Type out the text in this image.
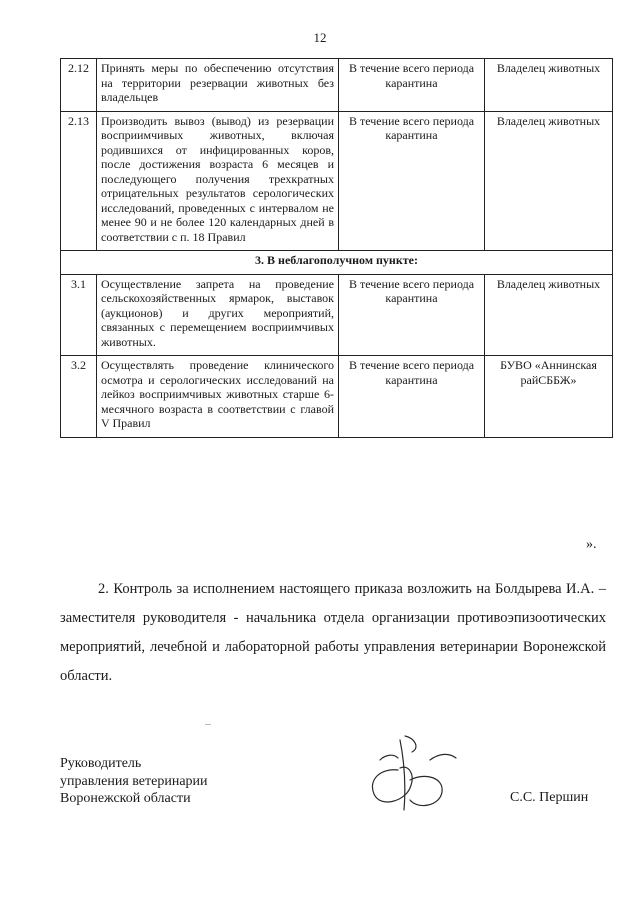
12
2.12	Принять меры по обеспечению отсутствия на территории резервации животных без владельцев	В течение всего периода карантина	Владелец животных
2.13	Производить вывоз (вывод) из резервации восприимчивых животных, включая родившихся от инфицированных коров, после достижения возраста 6 месяцев и последующего получения трехкратных отрицательных результатов серологических исследований, проведенных с интервалом не менее 90 и не более 120 календарных дней в соответствии с п. 18 Правил	В течение всего периода карантина	Владелец животных
3. В неблагополучном пункте:			
3.1	Осуществление запрета на проведение сельскохозяйственных ярмарок, выставок (аукционов) и других мероприятий, связанных с перемещением восприимчивых животных.	В течение всего периода карантина	Владелец животных
3.2	Осуществлять проведение клинического осмотра и серологических исследований на лейкоз восприимчивых животных старше 6-месячного возраста в соответствии с главой V Правил	В течение всего периода карантина	БУВО «Аннинская райСББЖ»
».
2. Контроль за исполнением настоящего приказа возложить на Болдырева И.А. – заместителя руководителя - начальника отдела организации противоэпизоотических мероприятий, лечебной и лабораторной работы управления ветеринарии Воронежской области.
Руководитель
управления ветеринарии
Воронежской области	С.С. Першин
